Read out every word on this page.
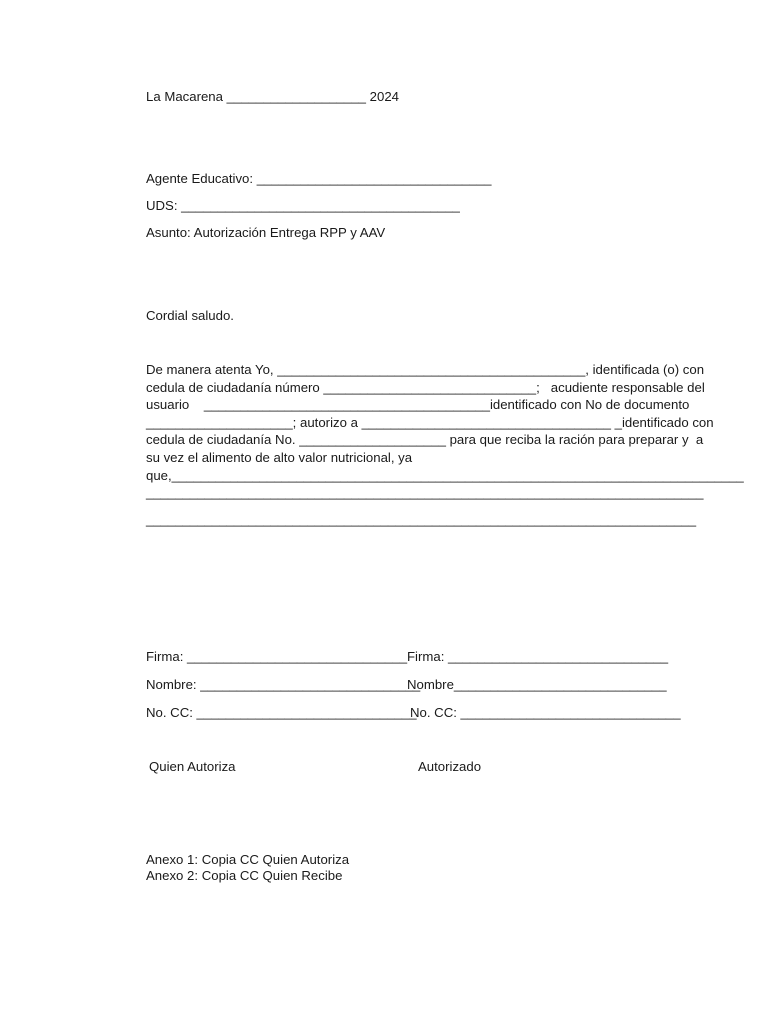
La Macarena ___________________ 2024
Agente Educativo: ________________________________
UDS: ______________________________________
Asunto: Autorización Entrega RPP y AAV
Cordial saludo.
De manera atenta Yo, __________________________________________, identificada (o) con
cedula de ciudadanía número _____________________________;   acudiente responsable del
usuario    _______________________________________identificado con No de documento
____________________; autorizo a __________________________________ _identificado con
cedula de ciudadanía No. ____________________ para que reciba la ración para preparar y  a
su vez el alimento de alto valor nutricional, ya
que,______________________________________________________________________________
____________________________________________________________________________
___________________________________________________________________________
Firma: ______________________________ Firma: ______________________________
Nombre: ______________________________
Nombre_____________________________
No. CC: ______________________________
No. CC: ______________________________
Quien Autoriza	Autorizado
Anexo 1: Copia CC Quien Autoriza
Anexo 2: Copia CC Quien Recibe
